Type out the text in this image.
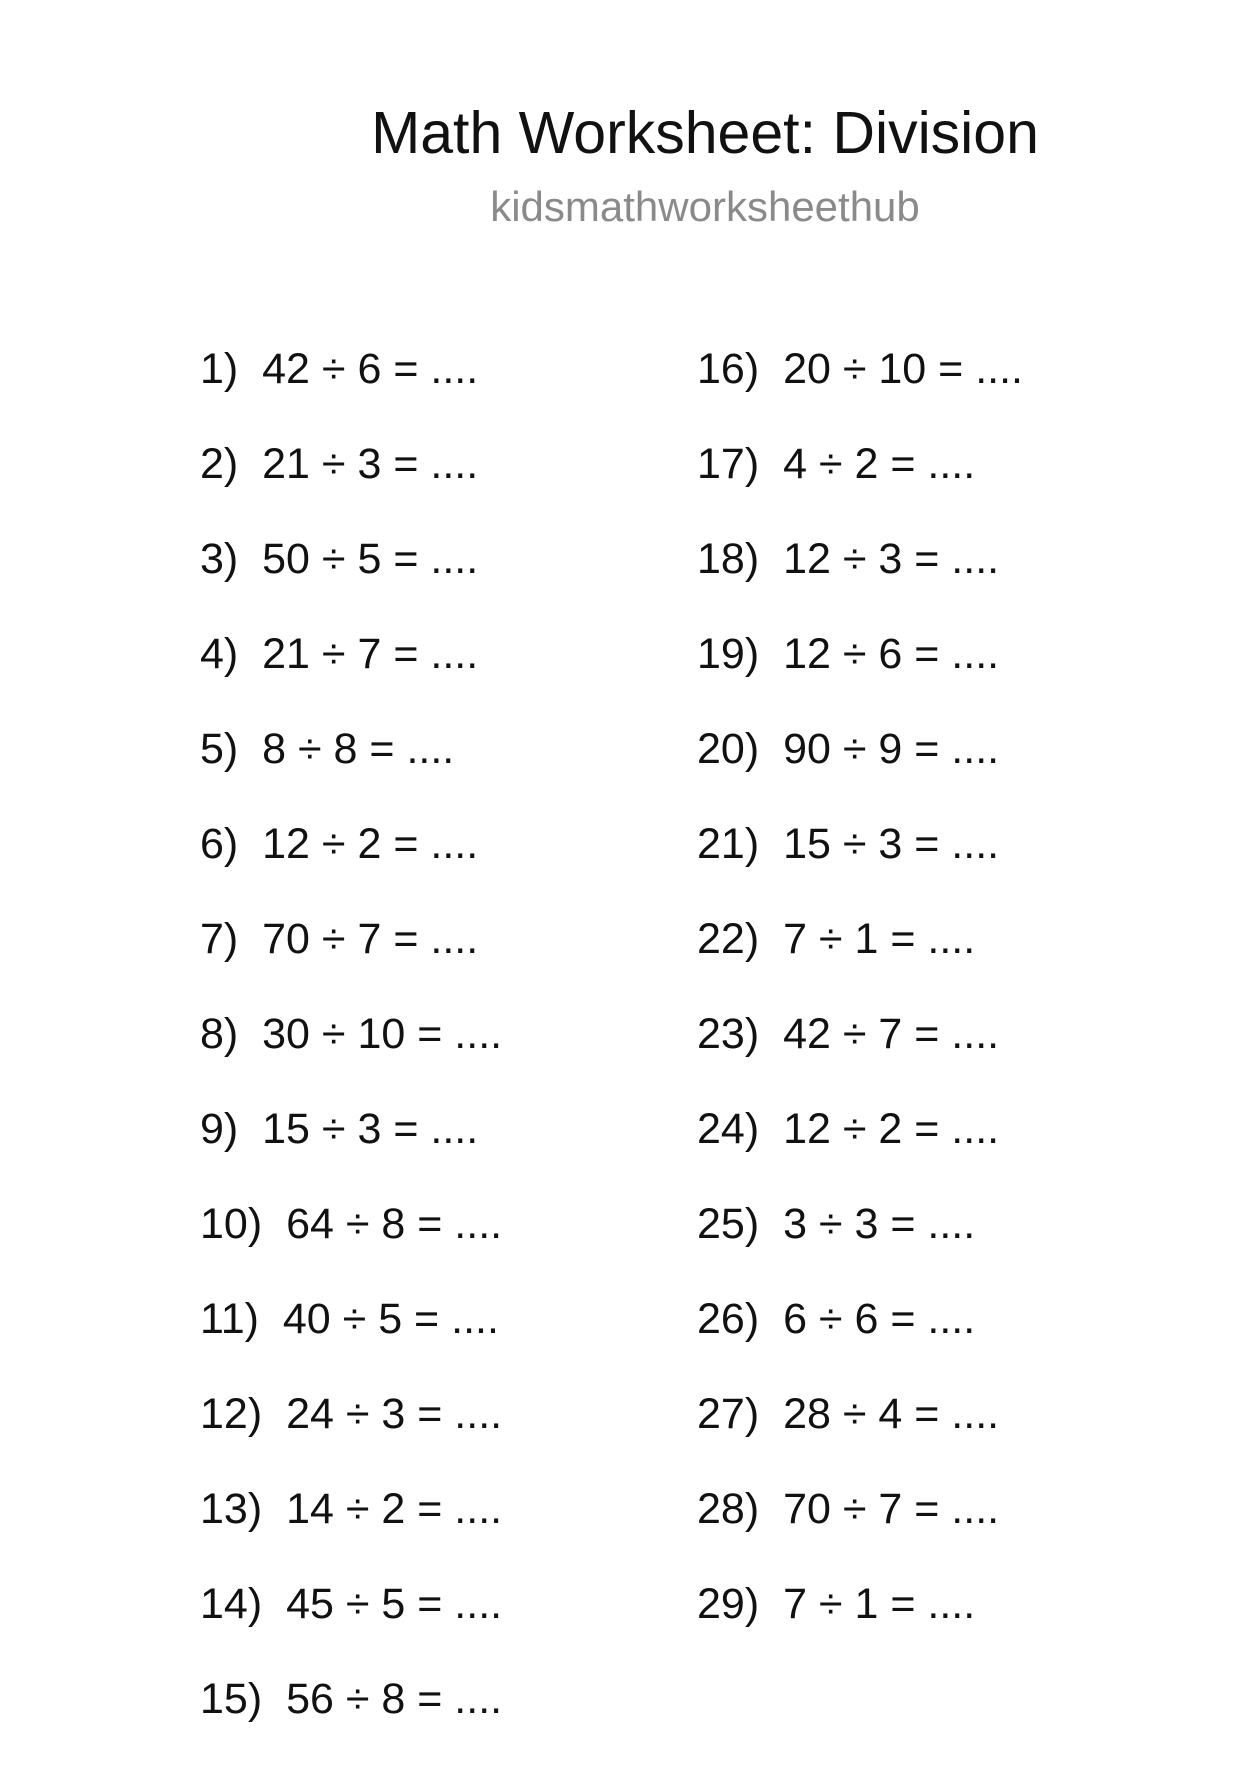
Math Worksheet: Division
kidsmathworksheethub
1) 42 ÷ 6 = ....
2) 21 ÷ 3 = ....
3) 50 ÷ 5 = ....
4) 21 ÷ 7 = ....
5) 8 ÷ 8 = ....
6) 12 ÷ 2 = ....
7) 70 ÷ 7 = ....
8) 30 ÷ 10 = ....
9) 15 ÷ 3 = ....
10) 64 ÷ 8 = ....
11) 40 ÷ 5 = ....
12) 24 ÷ 3 = ....
13) 14 ÷ 2 = ....
14) 45 ÷ 5 = ....
15) 56 ÷ 8 = ....
16) 20 ÷ 10 = ....
17) 4 ÷ 2 = ....
18) 12 ÷ 3 = ....
19) 12 ÷ 6 = ....
20) 90 ÷ 9 = ....
21) 15 ÷ 3 = ....
22) 7 ÷ 1 = ....
23) 42 ÷ 7 = ....
24) 12 ÷ 2 = ....
25) 3 ÷ 3 = ....
26) 6 ÷ 6 = ....
27) 28 ÷ 4 = ....
28) 70 ÷ 7 = ....
29) 7 ÷ 1 = ....
